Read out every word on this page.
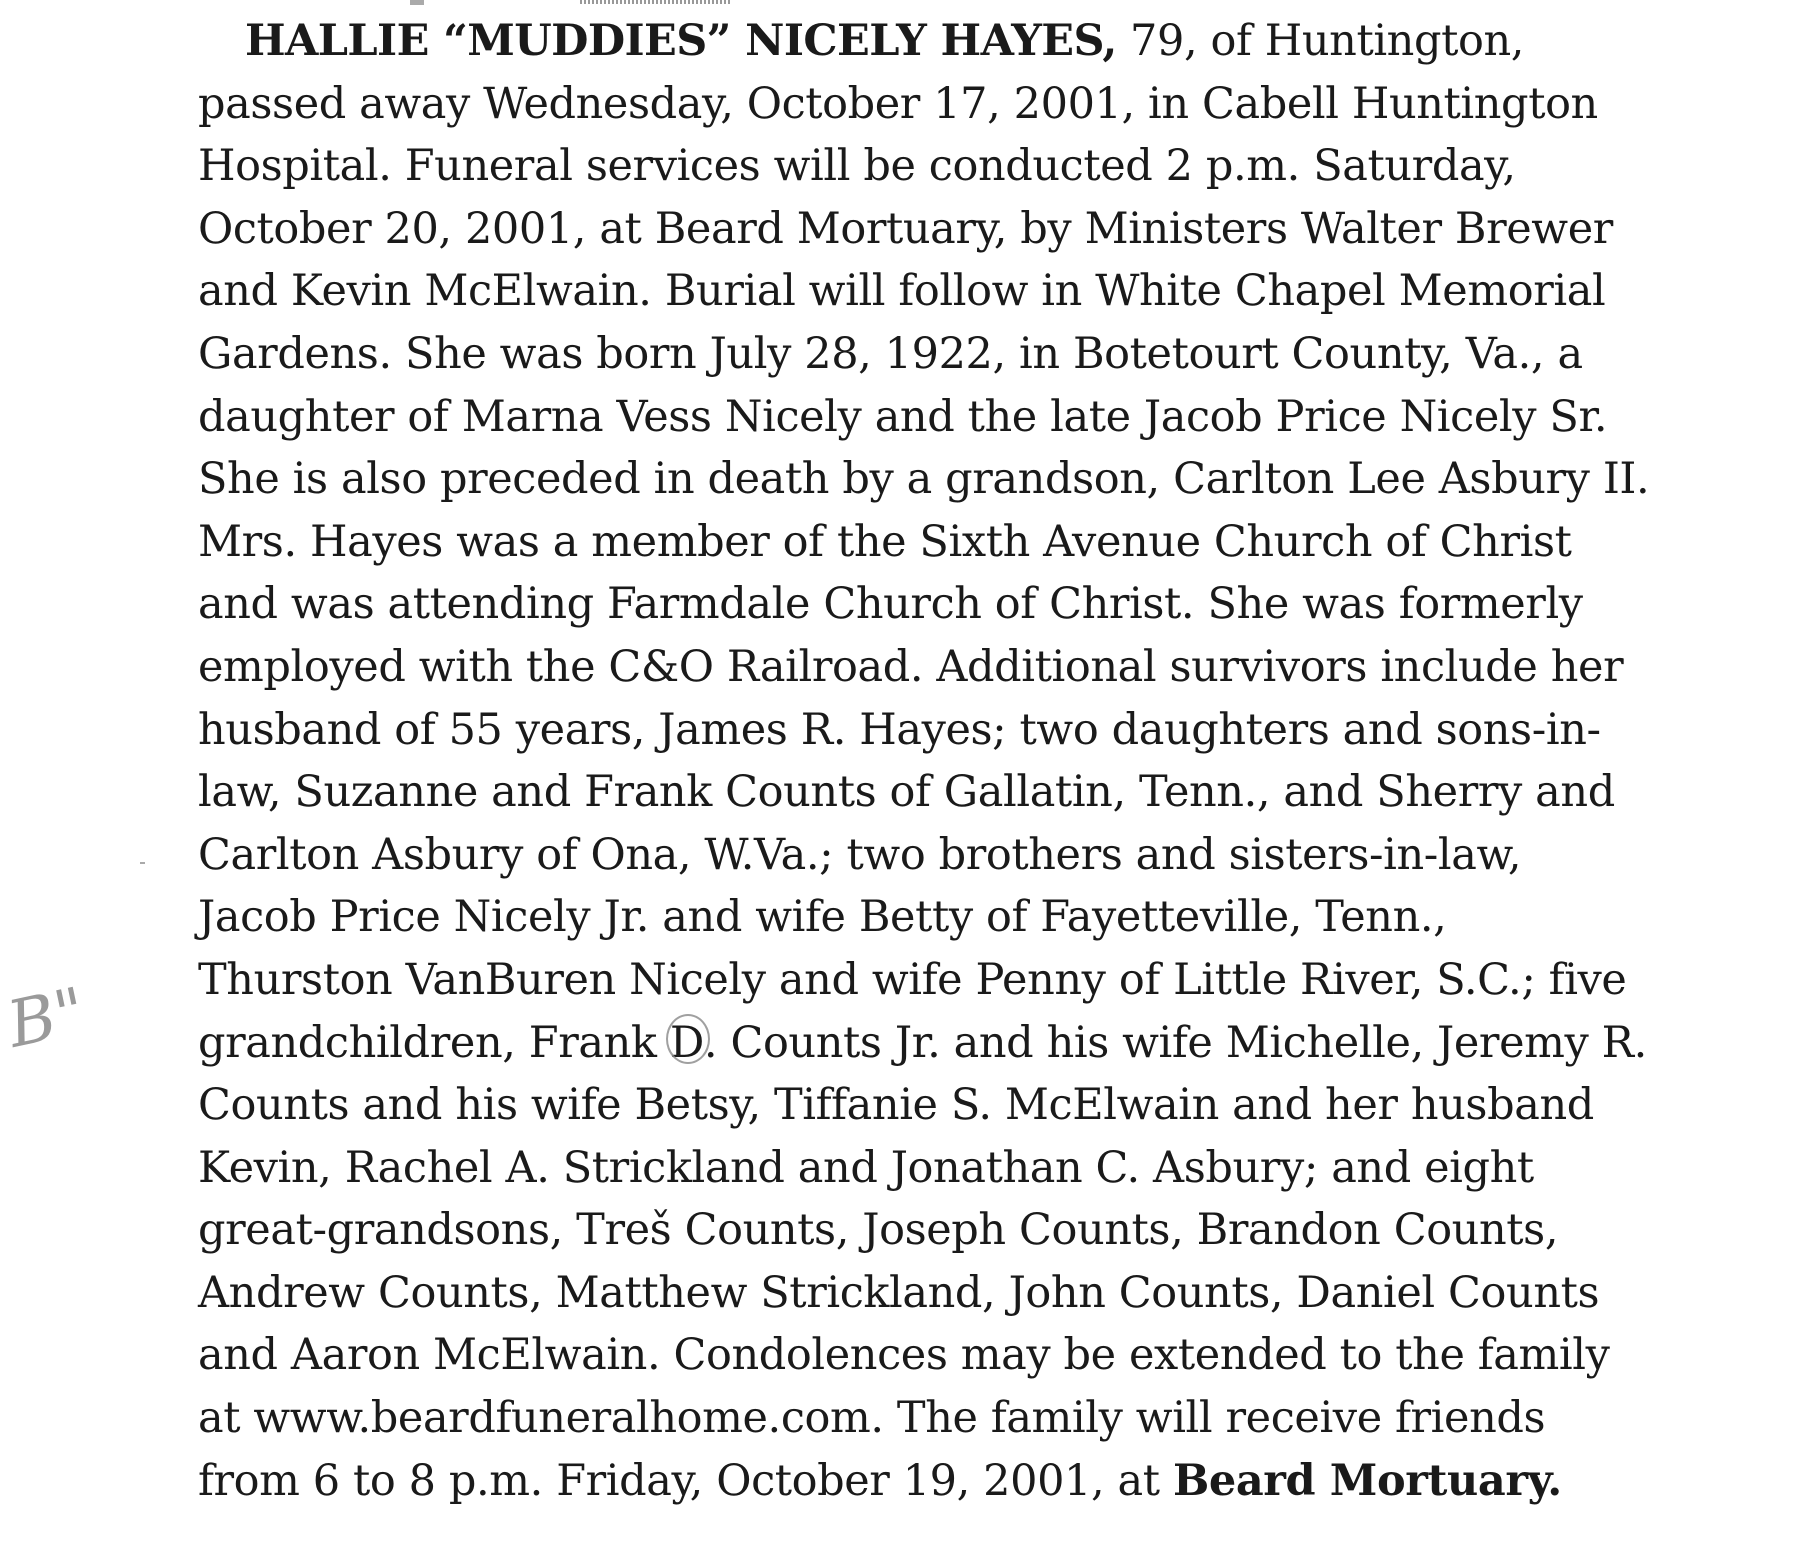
B"

HALLIE “MUDDIES” NICELY HAYES, 79, of Huntington,
passed away Wednesday, October 17, 2001, in Cabell Huntington
Hospital. Funeral services will be conducted 2 p.m. Saturday,
October 20, 2001, at Beard Mortuary, by Ministers Walter Brewer
and Kevin McElwain. Burial will follow in White Chapel Memorial
Gardens. She was born July 28, 1922, in Botetourt County, Va., a
daughter of Marna Vess Nicely and the late Jacob Price Nicely Sr.
She is also preceded in death by a grandson, Carlton Lee Asbury II.
Mrs. Hayes was a member of the Sixth Avenue Church of Christ
and was attending Farmdale Church of Christ. She was formerly
employed with the C&O Railroad. Additional survivors include her
husband of 55 years, James R. Hayes; two daughters and sons-in-
law, Suzanne and Frank Counts of Gallatin, Tenn., and Sherry and
Carlton Asbury of Ona, W.Va.; two brothers and sisters-in-law,
Jacob Price Nicely Jr. and wife Betty of Fayetteville, Tenn.,
Thurston VanBuren Nicely and wife Penny of Little River, S.C.; five
grandchildren, Frank D
. Counts Jr. and his wife Michelle, Jeremy R.
Counts and his wife Betsy, Tiffanie S. McElwain and her husband
Kevin, Rachel A. Strickland and Jonathan C. Asbury; and eight
great-grandsons, Treš Counts, Joseph Counts, Brandon Counts,
Andrew Counts, Matthew Strickland, John Counts, Daniel Counts
and Aaron McElwain. Condolences may be extended to the family
at www.beardfuneralhome.com. The family will receive friends
from 6 to 8 p.m. Friday, October 19, 2001, at Beard Mortuary.
